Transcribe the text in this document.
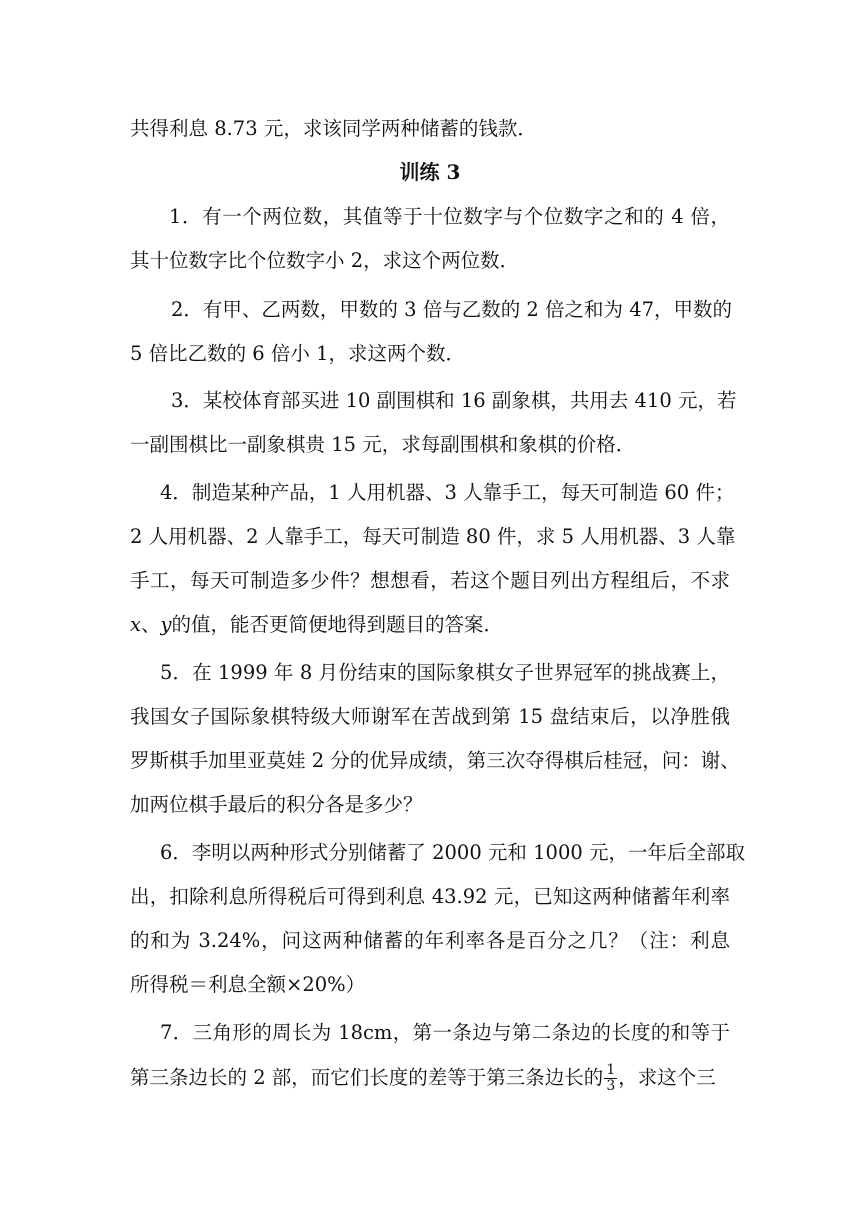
共得利息 8.73 元，求该同学两种储蓄的钱款．
训练 3
1．有一个两位数，其值等于十位数字与个位数字之和的 4 倍，
其十位数字比个位数字小 2，求这个两位数．
2．有甲、乙两数，甲数的 3 倍与乙数的 2 倍之和为 47，甲数的
5 倍比乙数的 6 倍小 1，求这两个数．
3．某校体育部买进 10 副围棋和 16 副象棋，共用去 410 元，若
一副围棋比一副象棋贵 15 元，求每副围棋和象棋的价格．
4．制造某种产品，1 人用机器、3 人靠手工，每天可制造 60 件；
2 人用机器、2 人靠手工，每天可制造 80 件，求 5 人用机器、3 人靠
手工，每天可制造多少件？想想看，若这个题目列出方程组后，不求
x、y的值，能否更简便地得到题目的答案．
5．在 1999 年 8 月份结束的国际象棋女子世界冠军的挑战赛上，
我国女子国际象棋特级大师谢军在苦战到第 15 盘结束后，以净胜俄
罗斯棋手加里亚莫娃 2 分的优异成绩，第三次夺得棋后桂冠，问：谢、
加两位棋手最后的积分各是多少？
6．李明以两种形式分别储蓄了 2000 元和 1000 元，一年后全部取
出，扣除利息所得税后可得到利息 43.92 元，已知这两种储蓄年利率
的和为 3.24%，问这两种储蓄的年利率各是百分之几？（注：利息
所得税＝利息全额×20%）
7．三角形的周长为 18cm，第一条边与第二条边的长度的和等于
第三条边长的 2 部，而它们长度的差等于第三条边长的 $\frac{1}{3}$ ，求这个三
